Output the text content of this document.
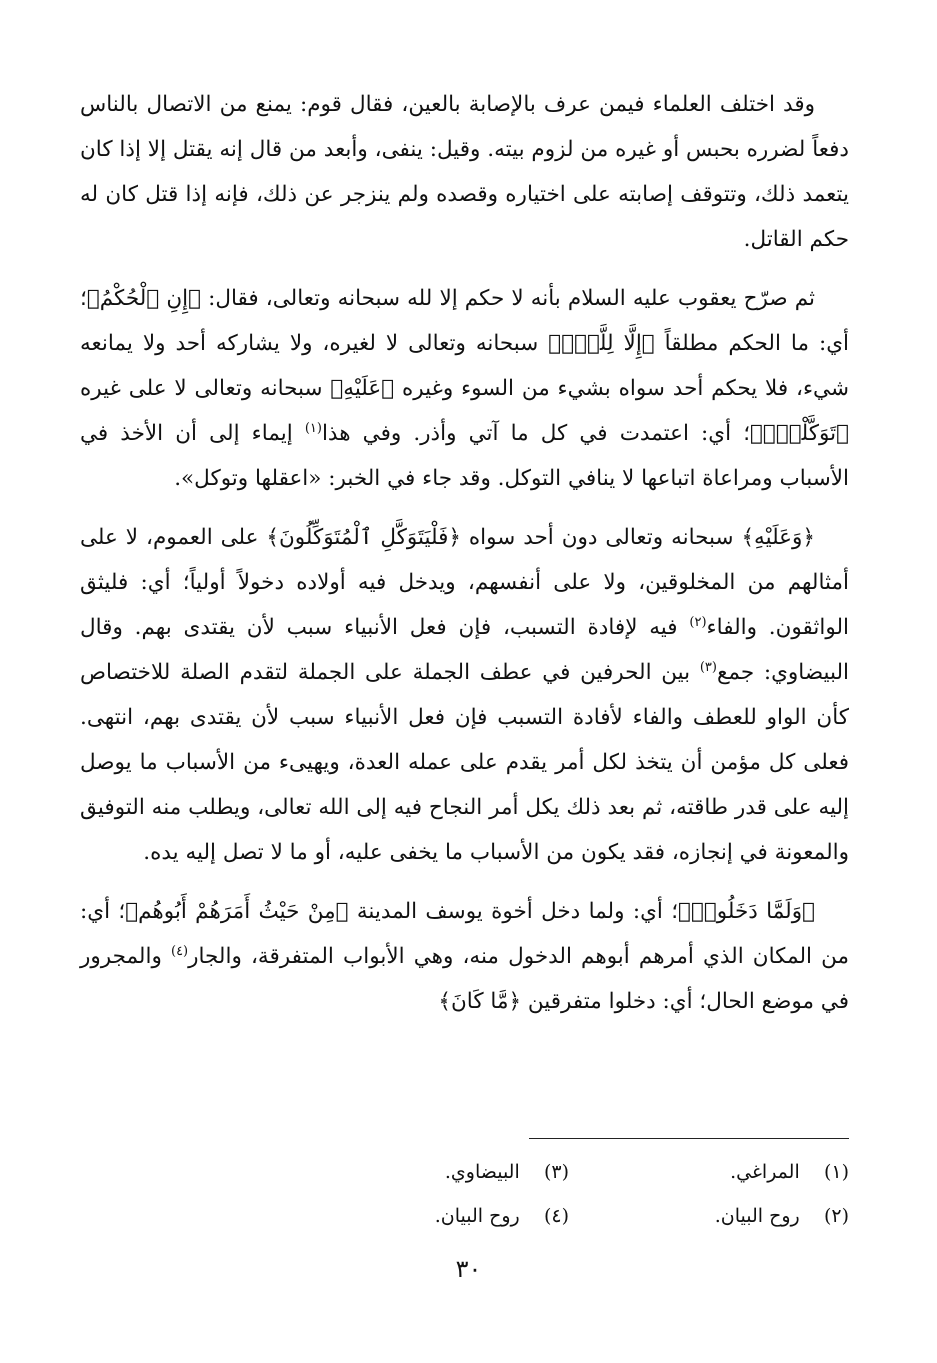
وقد اختلف العلماء فيمن عرف بالإصابة بالعين، فقال قوم: يمنع من الاتصال بالناس دفعاً لضرره بحبس أو غيره من لزوم بيته. وقيل: ينفى، وأبعد من قال إنه يقتل إلا إذا كان يتعمد ذلك، وتتوقف إصابته على اختياره وقصده ولم ينزجر عن ذلك، فإنه إذا قتل كان له حكم القاتل.

ثم صرّح يعقوب عليه السلام بأنه لا حكم إلا لله سبحانه وتعالى، فقال: ﴿إِنِ ٱلْحُكْمُ﴾؛ أي: ما الحكم مطلقاً ﴿إِلَّا لِلَّهِۖ﴾ سبحانه وتعالى لا لغيره، ولا يشاركه أحد ولا يمانعه شيء، فلا يحكم أحد سواه بشيء من السوء وغيره ﴿عَلَيْهِ﴾ سبحانه وتعالى لا على غيره ﴿تَوَكَّلْتُۖ﴾؛ أي: اعتمدت في كل ما آتي وأذر. وفي هذا$^{(١)}$ إيماء إلى أن الأخذ في الأسباب ومراعاة اتباعها لا ينافي التوكل. وقد جاء في الخبر: «اعقلها وتوكل».

﴿وَعَلَيْهِ﴾ سبحانه وتعالى دون أحد سواه ﴿فَلْيَتَوَكَّلِ ٱلْمُتَوَكِّلُونَ﴾ على العموم، لا على أمثالهم من المخلوقين، ولا على أنفسهم، ويدخل فيه أولاده دخولاً أولياً؛ أي: فليثق الواثقون. والفاء$^{(٢)}$ فيه لإفادة التسبب، فإن فعل الأنبياء سبب لأن يقتدى بهم. وقال البيضاوي: جمع$^{(٣)}$ بين الحرفين في عطف الجملة على الجملة لتقدم الصلة للاختصاص كأن الواو للعطف والفاء لأفادة التسبب فإن فعل الأنبياء سبب لأن يقتدى بهم، انتهى. فعلى كل مؤمن أن يتخذ لكل أمر يقدم على عمله العدة، ويهيىء من الأسباب ما يوصل إليه على قدر طاقته، ثم بعد ذلك يكل أمر النجاح فيه إلى الله تعالى، ويطلب منه التوفيق والمعونة في إنجازه، فقد يكون من الأسباب ما يخفى عليه، أو ما لا تصل إليه يده.

﴿وَلَمَّا دَخَلُوا۟﴾؛ أي: ولما دخل أخوة يوسف المدينة ﴿مِنْ حَيْثُ أَمَرَهُمْ أَبُوهُم﴾؛ أي: من المكان الذي أمرهم أبوهم الدخول منه، وهي الأبواب المتفرقة، والجار$^{(٤)}$ والمجرور في موضع الحال؛ أي: دخلوا متفرقين ﴿مَّا كَانَ﴾

(١)    المراغي.
(٣)    البيضاوي.
(٢)    روح البيان.
(٤)    روح البيان.
٣٠
